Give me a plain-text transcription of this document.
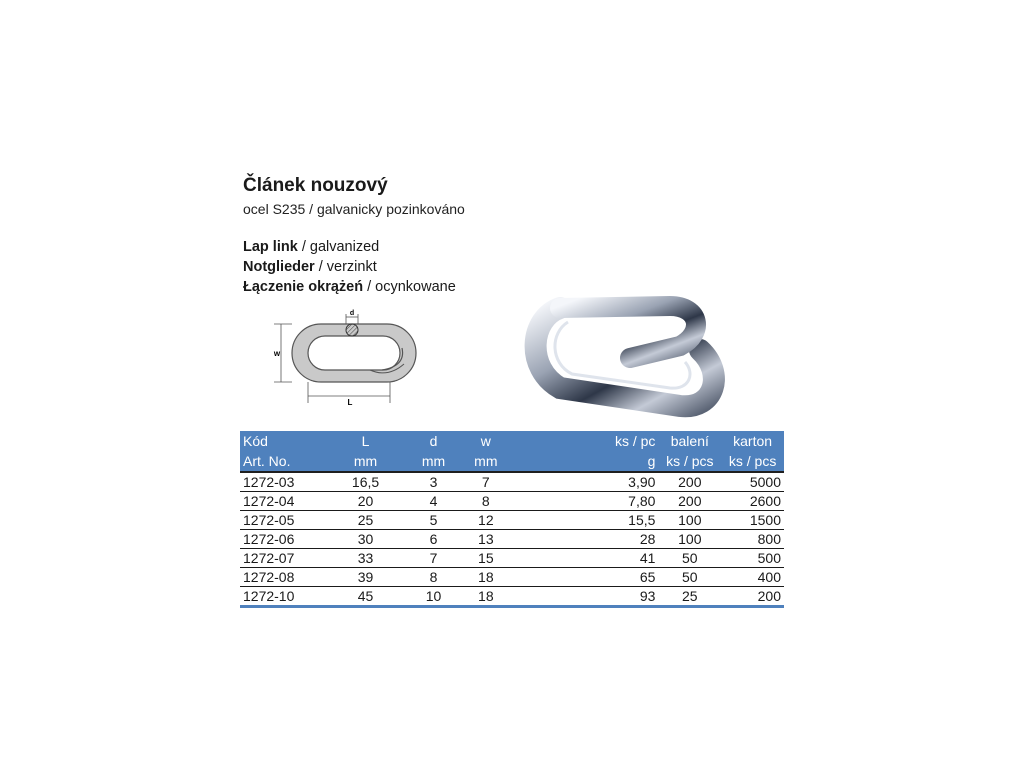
Článek nouzový
ocel S235 / galvanicky pozinkováno
Lap link / galvanized
Notglieder / verzinkt
Łączenie okrążeń / ocynkowane
d
w
L
Kód	L	d	w	ks / pc	balení	karton
Art. No.	mm	mm	mm	g	ks / pcs	ks / pcs
1272-03	16,5	3	7	3,90	200	5000
1272-04	20	4	8	7,80	200	2600
1272-05	25	5	12	15,5	100	1500
1272-06	30	6	13	28	100	800
1272-07	33	7	15	41	50	500
1272-08	39	8	18	65	50	400
1272-10	45	10	18	93	25	200
